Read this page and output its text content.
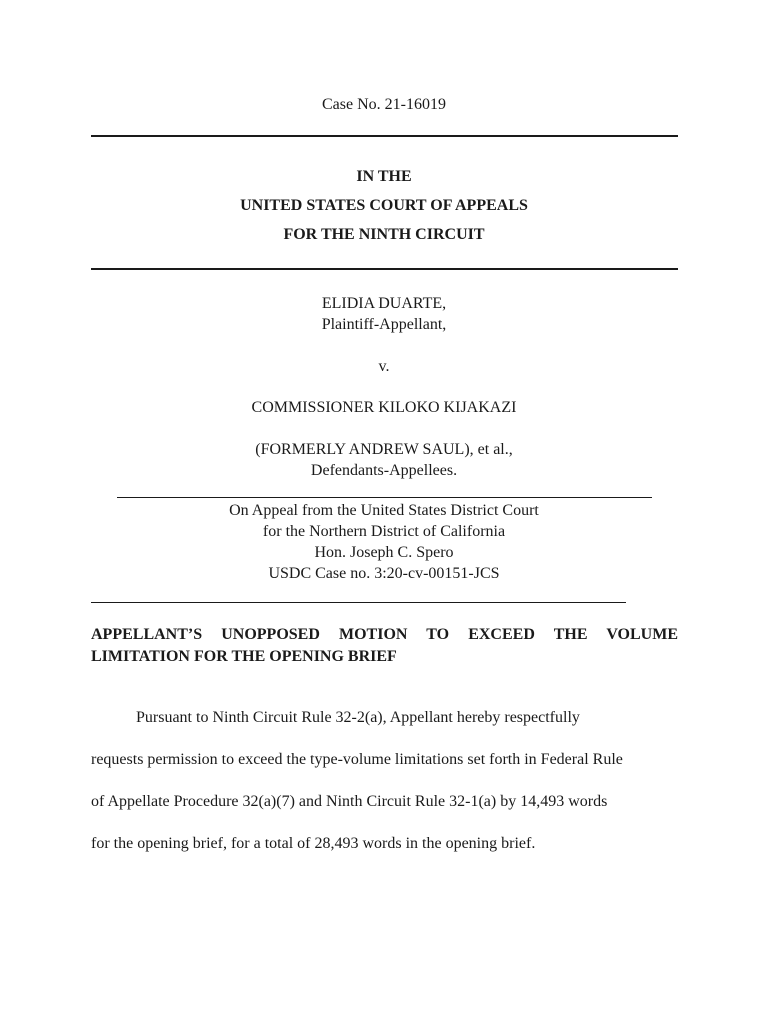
Case No. 21-16019
IN THE
UNITED STATES COURT OF APPEALS
FOR THE NINTH CIRCUIT
ELIDIA DUARTE,
Plaintiff-Appellant,
v.
COMMISSIONER KILOKO KIJAKAZI
(FORMERLY ANDREW SAUL), et al.,
Defendants-Appellees.
On Appeal from the United States District Court
for the Northern District of California
Hon. Joseph C. Spero
USDC Case no. 3:20-cv-00151-JCS
APPELLANT’S UNOPPOSED MOTION TO EXCEED THE VOLUME LIMITATION FOR THE OPENING BRIEF
Pursuant to Ninth Circuit Rule 32-2(a), Appellant hereby respectfully
requests permission to exceed the type-volume limitations set forth in Federal Rule
of Appellate Procedure 32(a)(7) and Ninth Circuit Rule 32-1(a) by 14,493 words
for the opening brief, for a total of 28,493 words in the opening brief.
